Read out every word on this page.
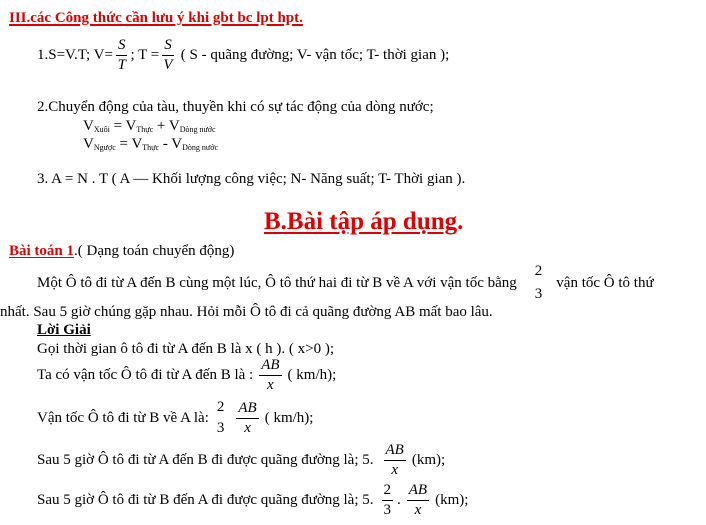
III.các Công thức cần lưu ý khi gbt bc lpt hpt.
1.S=V.T; $V= \frac{S}{T}$ ; $T = \frac{S}{V}$ ( S - quãng đường; V- vận tốc; T- thời gian );
2.Chuyển động của tàu, thuyền khi có sự tác động của dòng nước;
$V_{Xuôi} = V_{Thực} + V_{Dòng nước}$
$V_{Ngược} = V_{Thực} - V_{Dòng nước}$
3. A = N . T ( A — Khối lượng công việc; N- Năng suất; T- Thời gian ).
B.Bài tập áp dụng.
Bài toán 1.( Dạng toán chuyển động)
Một Ô tô đi từ A đến B cùng một lúc, Ô tô thứ hai đi từ B về A với vận tốc bằng
2
3
vận tốc Ô tô thứ
nhất. Sau 5 giờ chúng gặp nhau. Hỏi mỗi Ô tô đi cả quãng đường AB mất bao lâu.
Lời Giải
Gọi thời gian ô tô đi từ A đến B là x ( h ). ( x>0 );
Ta có vận tốc Ô tô đi từ A đến B là : $\frac{AB}{x}$ ( km/h);
Vận tốc Ô tô đi từ B về A là:
2
$3 \frac{AB}{x}$ ( km/h);
Sau 5 giờ Ô tô đi từ A đến B đi được quãng đường là; 5. $\frac{AB}{x} (km)$;
Sau 5 giờ Ô tô đi từ B đến A đi được quãng đường là; 5. $\frac{2}{3}$ . $\frac{AB}{x} (km)$;
